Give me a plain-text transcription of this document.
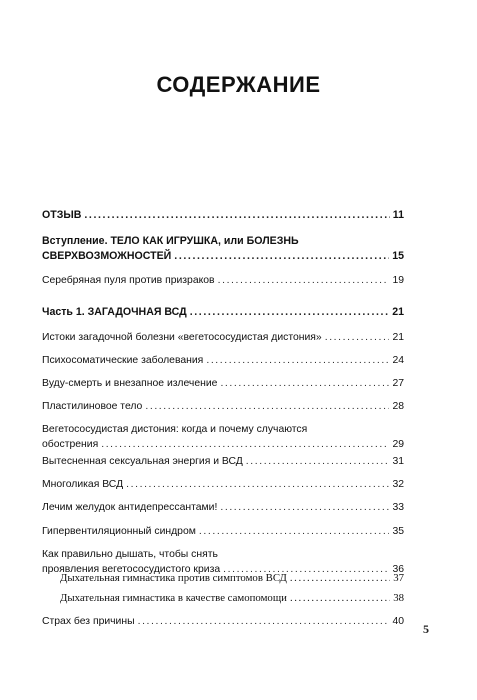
СОДЕРЖАНИЕ
ОТЗЫВ .....	11
Вступление. ТЕЛО КАК ИГРУШКА, или БОЛЕЗНЬ
СВЕРХВОЗМОЖНОСТЕЙ .....	15
Серебряная пуля против призраков .....	19
Часть 1. ЗАГАДОЧНАЯ ВСД .....	21
Истоки загадочной болезни «вегетососудистая дистония» .....	21
Психосоматические заболевания .....	24
Вуду-смерть и внезапное излечение .....	27
Пластилиновое тело .....	28
Вегетососудистая дистония: когда и почему случаются
обострения .....	29
Вытесненная сексуальная энергия и ВСД .....	31
Многоликая ВСД .....	32
Лечим желудок антидепрессантами! .....	33
Гипервентиляционный синдром .....	35
Как правильно дышать, чтобы снять
проявления вегетососудистого криза .....	36
Дыхательная гимнастика против симптомов ВСД .....	37
Дыхательная гимнастика в качестве самопомощи .....	38
Страх без причины .....	40
5
